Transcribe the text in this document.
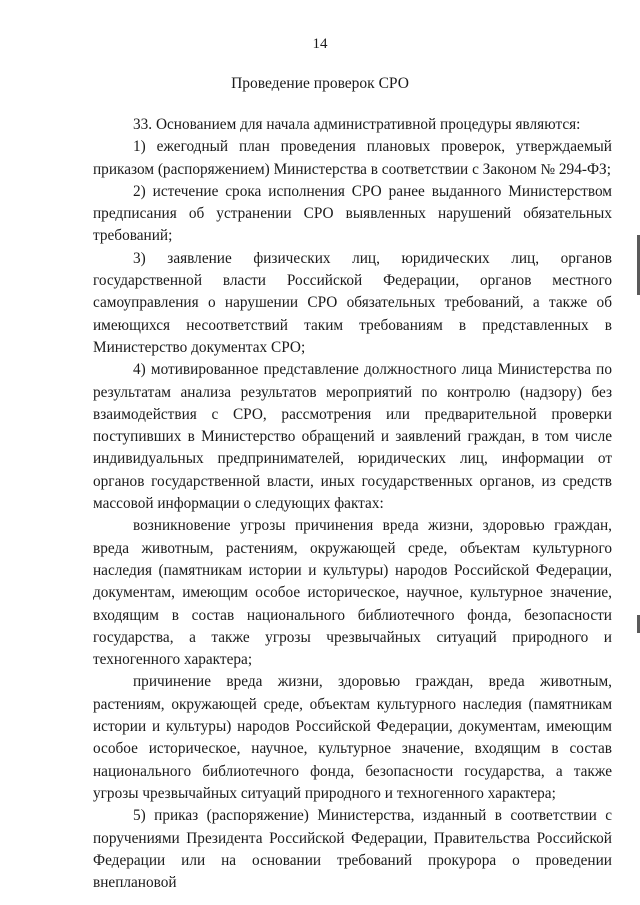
14
Проведение проверок СРО

33. Основанием для начала административной процедуры являются:

1) ежегодный план проведения плановых проверок, утверждаемый приказом (распоряжением) Министерства в соответствии с Законом № 294-ФЗ;

2) истечение срока исполнения СРО ранее выданного Министерством предписания об устранении СРО выявленных нарушений обязательных требований;

3) заявление физических лиц, юридических лиц, органов государственной власти Российской Федерации, органов местного самоуправления о нарушении СРО обязательных требований, а также об имеющихся несоответствий таким требованиям в представленных в Министерство документах СРО;

4) мотивированное представление должностного лица Министерства по результатам анализа результатов мероприятий по контролю (надзору) без взаимодействия с СРО, рассмотрения или предварительной проверки поступивших в Министерство обращений и заявлений граждан, в том числе индивидуальных предпринимателей, юридических лиц, информации от органов государственной власти, иных государственных органов, из средств массовой информации о следующих фактах:

возникновение угрозы причинения вреда жизни, здоровью граждан, вреда животным, растениям, окружающей среде, объектам культурного наследия (памятникам истории и культуры) народов Российской Федерации, документам, имеющим особое историческое, научное, культурное значение, входящим в состав национального библиотечного фонда, безопасности государства, а также угрозы чрезвычайных ситуаций природного и техногенного характера;

причинение вреда жизни, здоровью граждан, вреда животным, растениям, окружающей среде, объектам культурного наследия (памятникам истории и культуры) народов Российской Федерации, документам, имеющим особое историческое, научное, культурное значение, входящим в состав национального библиотечного фонда, безопасности государства, а также угрозы чрезвычайных ситуаций природного и техногенного характера;

5) приказ (распоряжение) Министерства, изданный в соответствии с поручениями Президента Российской Федерации, Правительства Российской Федерации или на основании требований прокурора о проведении внеплановой
